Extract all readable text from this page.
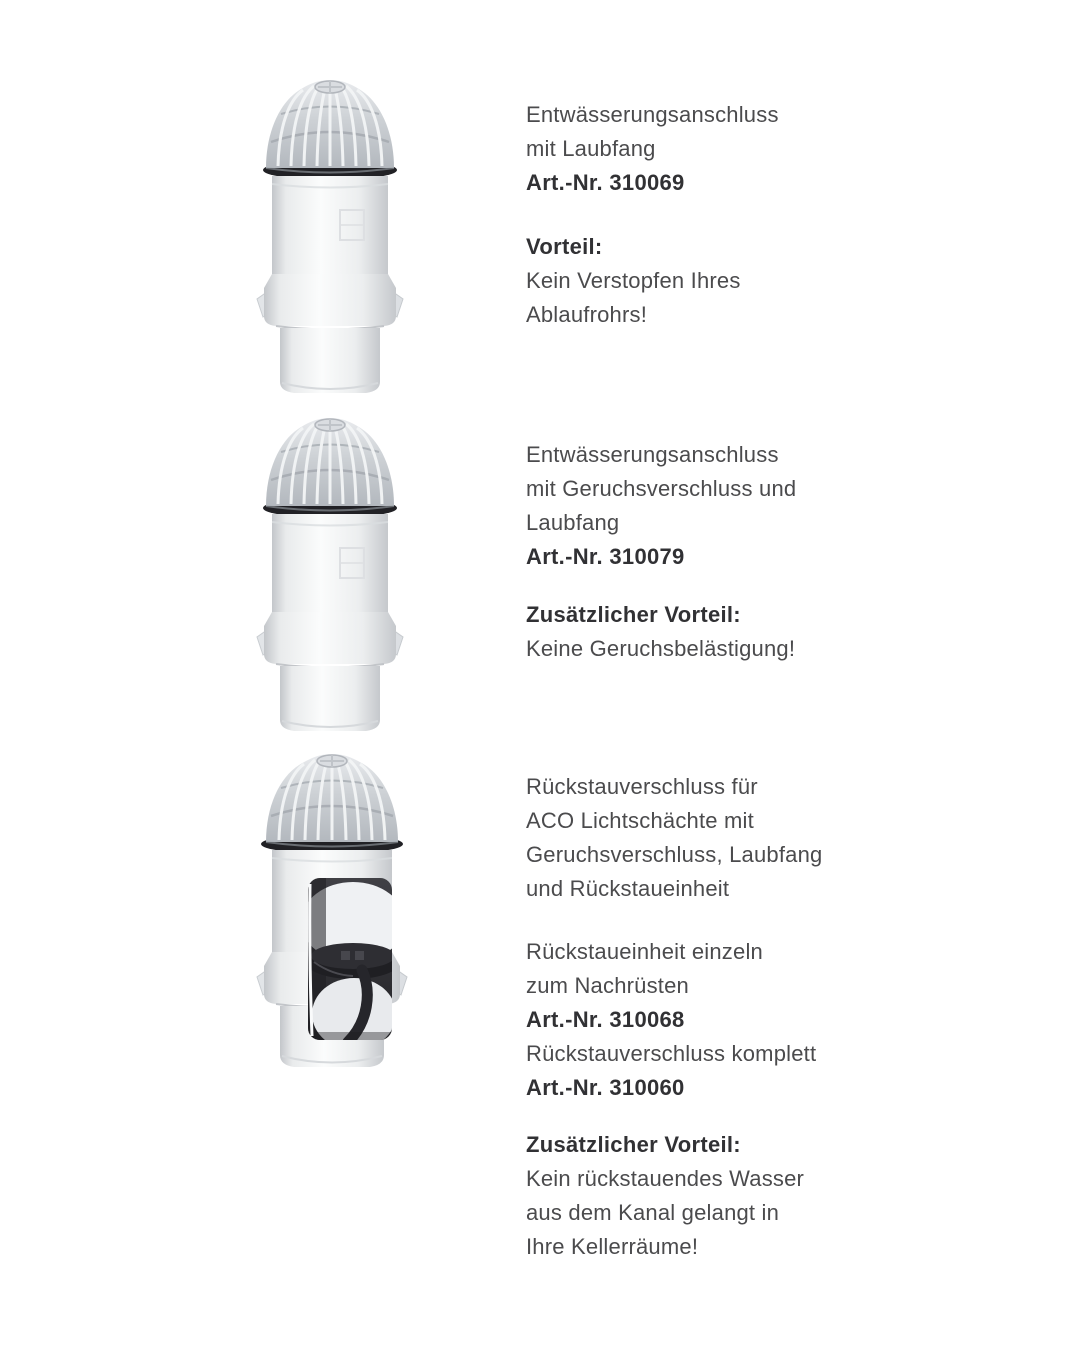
Entwässerungsanschluss
mit Laubfang
Art.-Nr. 310069
Vorteil:
Kein Verstopfen Ihres
Ablaufrohrs!
Entwässerungsanschluss
mit Geruchsverschluss und
Laubfang
Art.-Nr. 310079
Zusätzlicher Vorteil:
Keine Geruchsbelästigung!
Rückstauverschluss für
ACO Lichtschächte mit
Geruchsverschluss, Laubfang
und Rückstaueinheit
Rückstaueinheit einzeln
zum Nachrüsten
Art.-Nr. 310068
Rückstauverschluss komplett
Art.-Nr. 310060
Zusätzlicher Vorteil:
Kein rückstauendes Wasser
aus dem Kanal gelangt in
Ihre Kellerräume!
